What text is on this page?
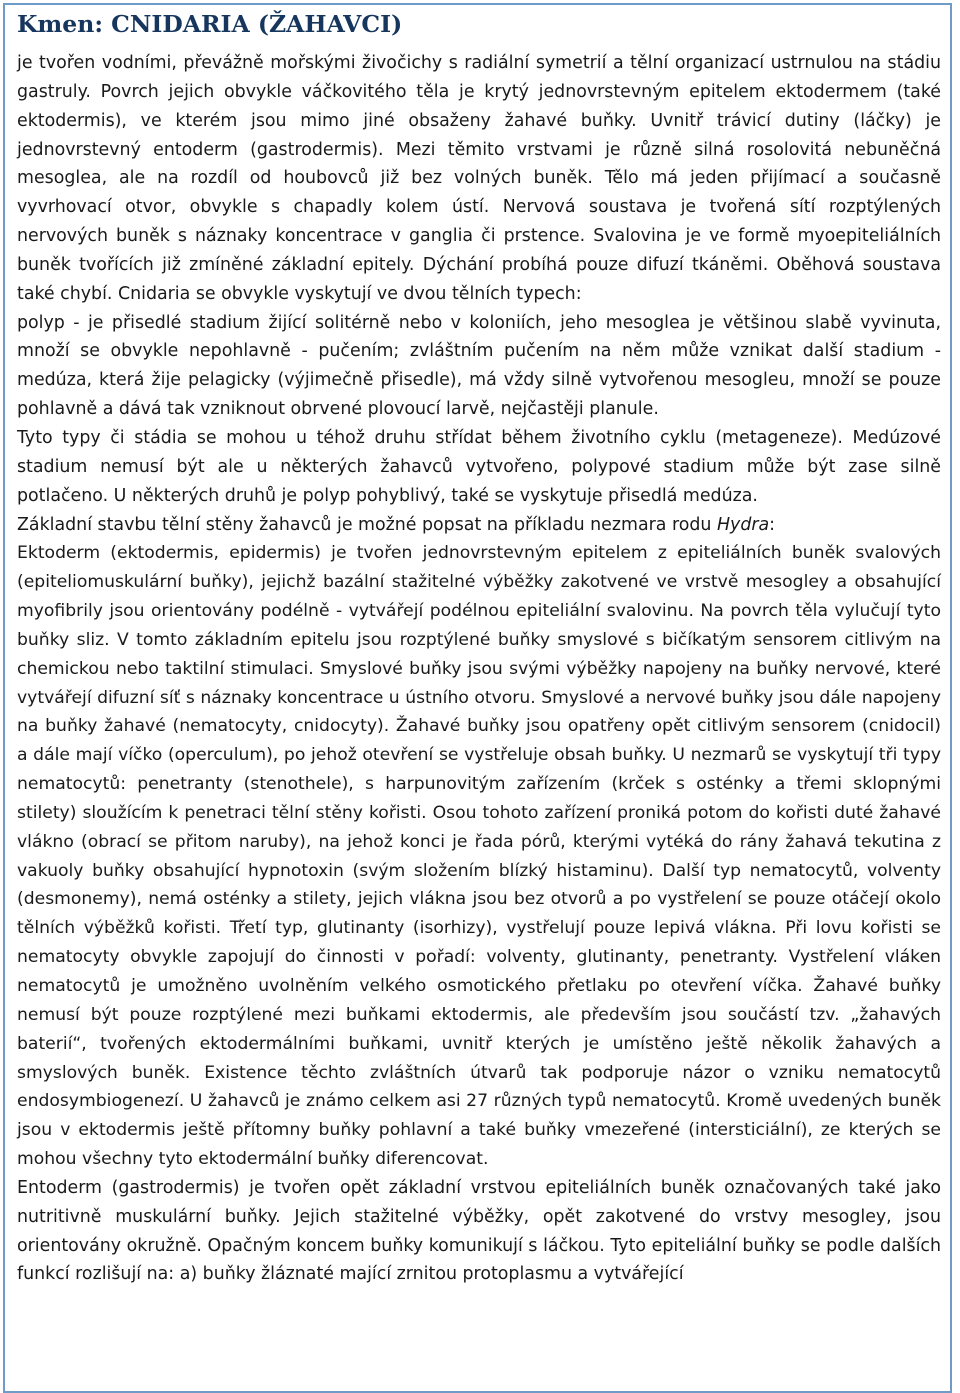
Kmen: CNIDARIA (ŽAHAVCI)

je tvořen vodními, převážně mořskými živočichy s radiální symetrií a tělní organizací ustrnulou na stádiu gastruly. Povrch jejich obvykle váčkovitého těla je krytý jednovrstevným epitelem ektodermem (také ektodermis), ve kterém jsou mimo jiné obsaženy žahavé buňky. Uvnitř trávicí dutiny (láčky) je jednovrstevný entoderm (gastrodermis). Mezi těmito vrstvami je různě silná rosolovitá nebuněčná mesoglea, ale na rozdíl od houbovců již bez volných buněk. Tělo má jeden přijímací a současně vyvrhovací otvor, obvykle s chapadly kolem ústí. Nervová soustava je tvořená sítí rozptýlených nervových buněk s náznaky koncentrace v ganglia či prstence. Svalovina je ve formě myoepiteliálních buněk tvořících již zmíněné základní epitely. Dýchání probíhá pouze difuzí tkáněmi. Oběhová soustava také chybí. Cnidaria se obvykle vyskytují ve dvou tělních typech:

polyp - je přisedlé stadium žijící solitérně nebo v koloniích, jeho mesoglea je většinou slabě vyvinuta, množí se obvykle nepohlavně - pučením; zvláštním pučením na něm může vznikat další stadium - medúza, která žije pelagicky (výjimečně přisedle), má vždy silně vytvořenou mesogleu, množí se pouze pohlavně a dává tak vzniknout obrvené plovoucí larvě, nejčastěji planule.

Tyto typy či stádia se mohou u téhož druhu střídat během životního cyklu (metageneze). Medúzové stadium nemusí být ale u některých žahavců vytvořeno, polypové stadium může být zase silně potlačeno. U některých druhů je polyp pohyblivý, také se vyskytuje přisedlá medúza.

Základní stavbu tělní stěny žahavců je možné popsat na příkladu nezmara rodu Hydra:

Ektoderm (ektodermis, epidermis) je tvořen jednovrstevným epitelem z epiteliálních buněk svalových (epiteliomuskulární buňky), jejichž bazální stažitelné výběžky zakotvené ve vrstvě mesogley a obsahující myofibrily jsou orientovány podélně - vytvářejí podélnou epiteliální svalovinu. Na povrch těla vylučují tyto buňky sliz. V tomto základním epitelu jsou rozptýlené buňky smyslové s bičíkatým sensorem citlivým na chemickou nebo taktilní stimulaci. Smyslové buňky jsou svými výběžky napojeny na buňky nervové, které vytvářejí difuzní síť s náznaky koncentrace u ústního otvoru. Smyslové a nervové buňky jsou dále napojeny na buňky žahavé (nematocyty, cnidocyty). Žahavé buňky jsou opatřeny opět citlivým sensorem (cnidocil) a dále mají víčko (operculum), po jehož otevření se vystřeluje obsah buňky. U nezmarů se vyskytují tři typy nematocytů: penetranty (stenothele), s harpunovitým zařízením (krček s osténky a třemi sklopnými stilety) sloužícím k penetraci tělní stěny kořisti. Osou tohoto zařízení proniká potom do kořisti duté žahavé vlákno (obrací se přitom naruby), na jehož konci je řada pórů, kterými vytéká do rány žahavá tekutina z vakuoly buňky obsahující hypnotoxin (svým složením blízký histaminu). Další typ nematocytů, volventy (desmonemy), nemá osténky a stilety, jejich vlákna jsou bez otvorů a po vystřelení se pouze otáčejí okolo tělních výběžků kořisti. Třetí typ, glutinanty (isorhizy), vystřelují pouze lepivá vlákna. Při lovu kořisti se nematocyty obvykle zapojují do činnosti v pořadí: volventy, glutinanty, penetranty. Vystřelení vláken nematocytů je umožněno uvolněním velkého osmotického přetlaku po otevření víčka. Žahavé buňky nemusí být pouze rozptýlené mezi buňkami ektodermis, ale především jsou součástí tzv. „žahavých baterií“, tvořených ektodermálními buňkami, uvnitř kterých je umístěno ještě několik žahavých a smyslových buněk. Existence těchto zvláštních útvarů tak podporuje názor o vzniku nematocytů endosymbiogenezí. U žahavců je známo celkem asi 27 různých typů nematocytů. Kromě uvedených buněk jsou v ektodermis ještě přítomny buňky pohlavní a také buňky vmezeřené (intersticiální), ze kterých se mohou všechny tyto ektodermální buňky diferencovat.

Entoderm (gastrodermis) je tvořen opět základní vrstvou epiteliálních buněk označovaných také jako nutritivně muskulární buňky. Jejich stažitelné výběžky, opět zakotvené do vrstvy mesogley, jsou orientovány okružně. Opačným koncem buňky komunikují s láčkou. Tyto epiteliální buňky se podle dalších funkcí rozlišují na: a) buňky žláznaté mající zrnitou protoplasmu a vytvářející
